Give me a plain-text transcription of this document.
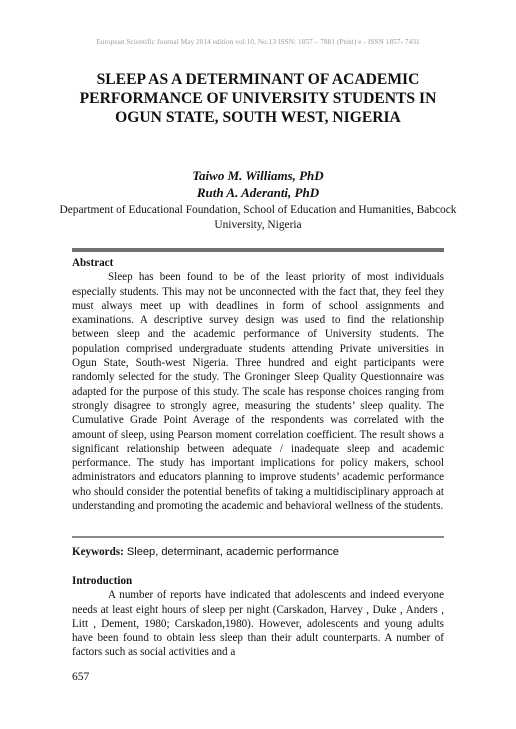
European Scientific Journal May 2014 edition vol.10, No.13 ISSN: 1857 – 7881 (Print) e - ISSN 1857- 7431
SLEEP AS A DETERMINANT OF ACADEMIC PERFORMANCE OF UNIVERSITY STUDENTS IN OGUN STATE, SOUTH WEST, NIGERIA
Taiwo M. Williams, PhD
Ruth A. Aderanti, PhD
Department of Educational Foundation, School of Education and Humanities, Babcock University, Nigeria
Abstract

Sleep has been found to be of the least priority of most individuals especially students. This may not be unconnected with the fact that, they feel they must always meet up with deadlines in form of school assignments and examinations. A descriptive survey design was used to find the relationship between sleep and the academic performance of University students. The population comprised undergraduate students attending Private universities in Ogun State, South-west Nigeria. Three hundred and eight participants were randomly selected for the study. The Groninger Sleep Quality Questionnaire was adapted for the purpose of this study. The scale has response choices ranging from strongly disagree to strongly agree, measuring the students’ sleep quality. The Cumulative Grade Point Average of the respondents was correlated with the amount of sleep, using Pearson moment correlation coefficient. The result shows a significant relationship between adequate / inadequate sleep and academic performance. The study has important implications for policy makers, school administrators and educators planning to improve students’ academic performance who should consider the potential benefits of taking a multidisciplinary approach at understanding and promoting the academic and behavioral wellness of the students.

Keywords: Sleep, determinant, academic performance
Introduction

A number of reports have indicated that adolescents and indeed everyone needs at least eight hours of sleep per night (Carskadon, Harvey , Duke , Anders , Litt , Dement, 1980; Carskadon,1980). However, adolescents and young adults have been found to obtain less sleep than their adult counterparts. A number of factors such as social activities and a

657
